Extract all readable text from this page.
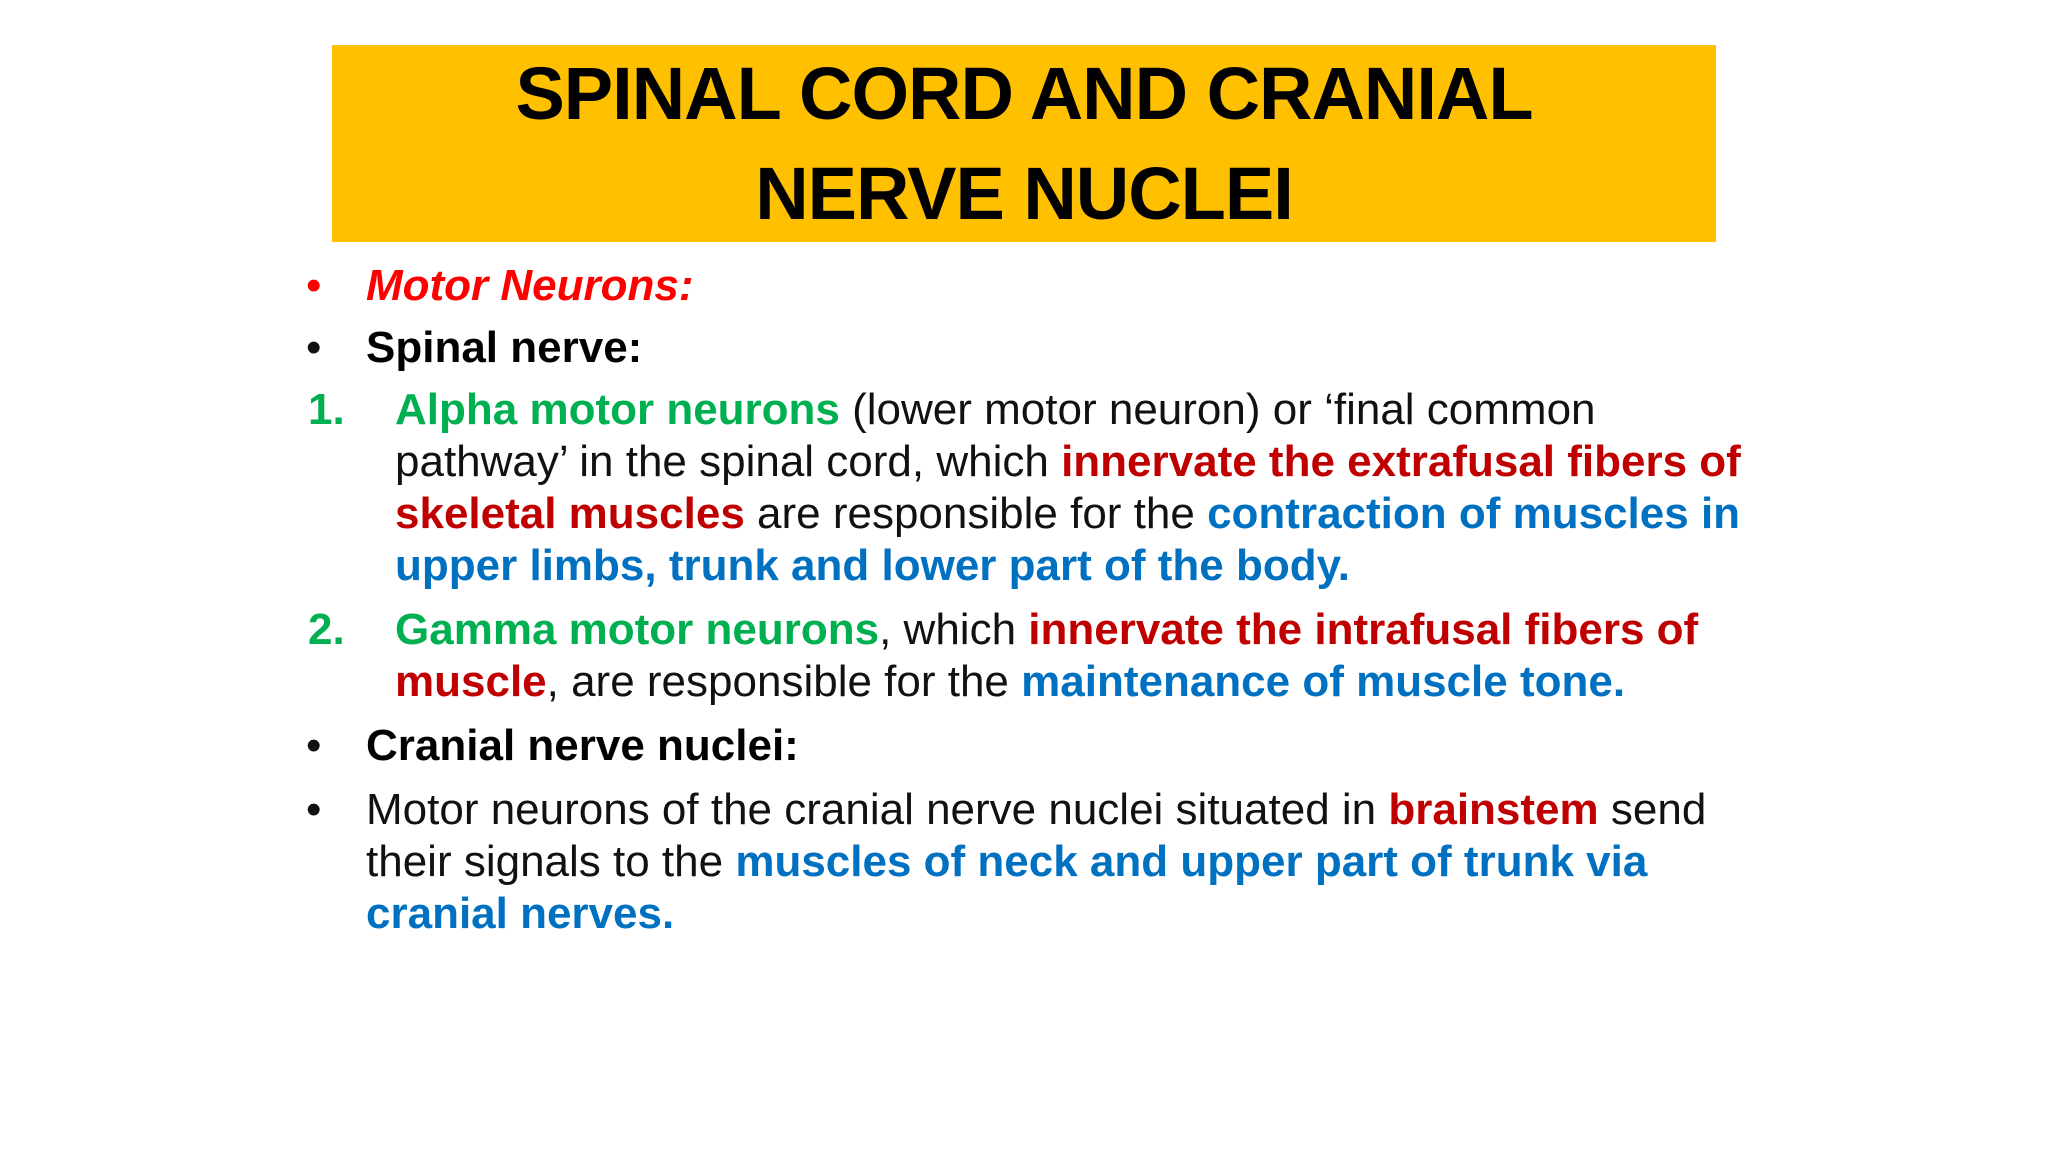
SPINAL CORD AND CRANIAL
NERVE NUCLEI
• Motor Neurons:
• Spinal nerve:
1. Alpha motor neurons (lower motor neuron) or ‘final common pathway’ in the spinal cord, which innervate the extrafusal fibers of skeletal muscles are responsible for the contraction of muscles in upper limbs, trunk and lower part of the body.
2. Gamma motor neurons, which innervate the intrafusal fibers of muscle, are responsible for the maintenance of muscle tone.
• Cranial nerve nuclei:
• Motor neurons of the cranial nerve nuclei situated in brainstem send their signals to the muscles of neck and upper part of trunk via cranial nerves.
